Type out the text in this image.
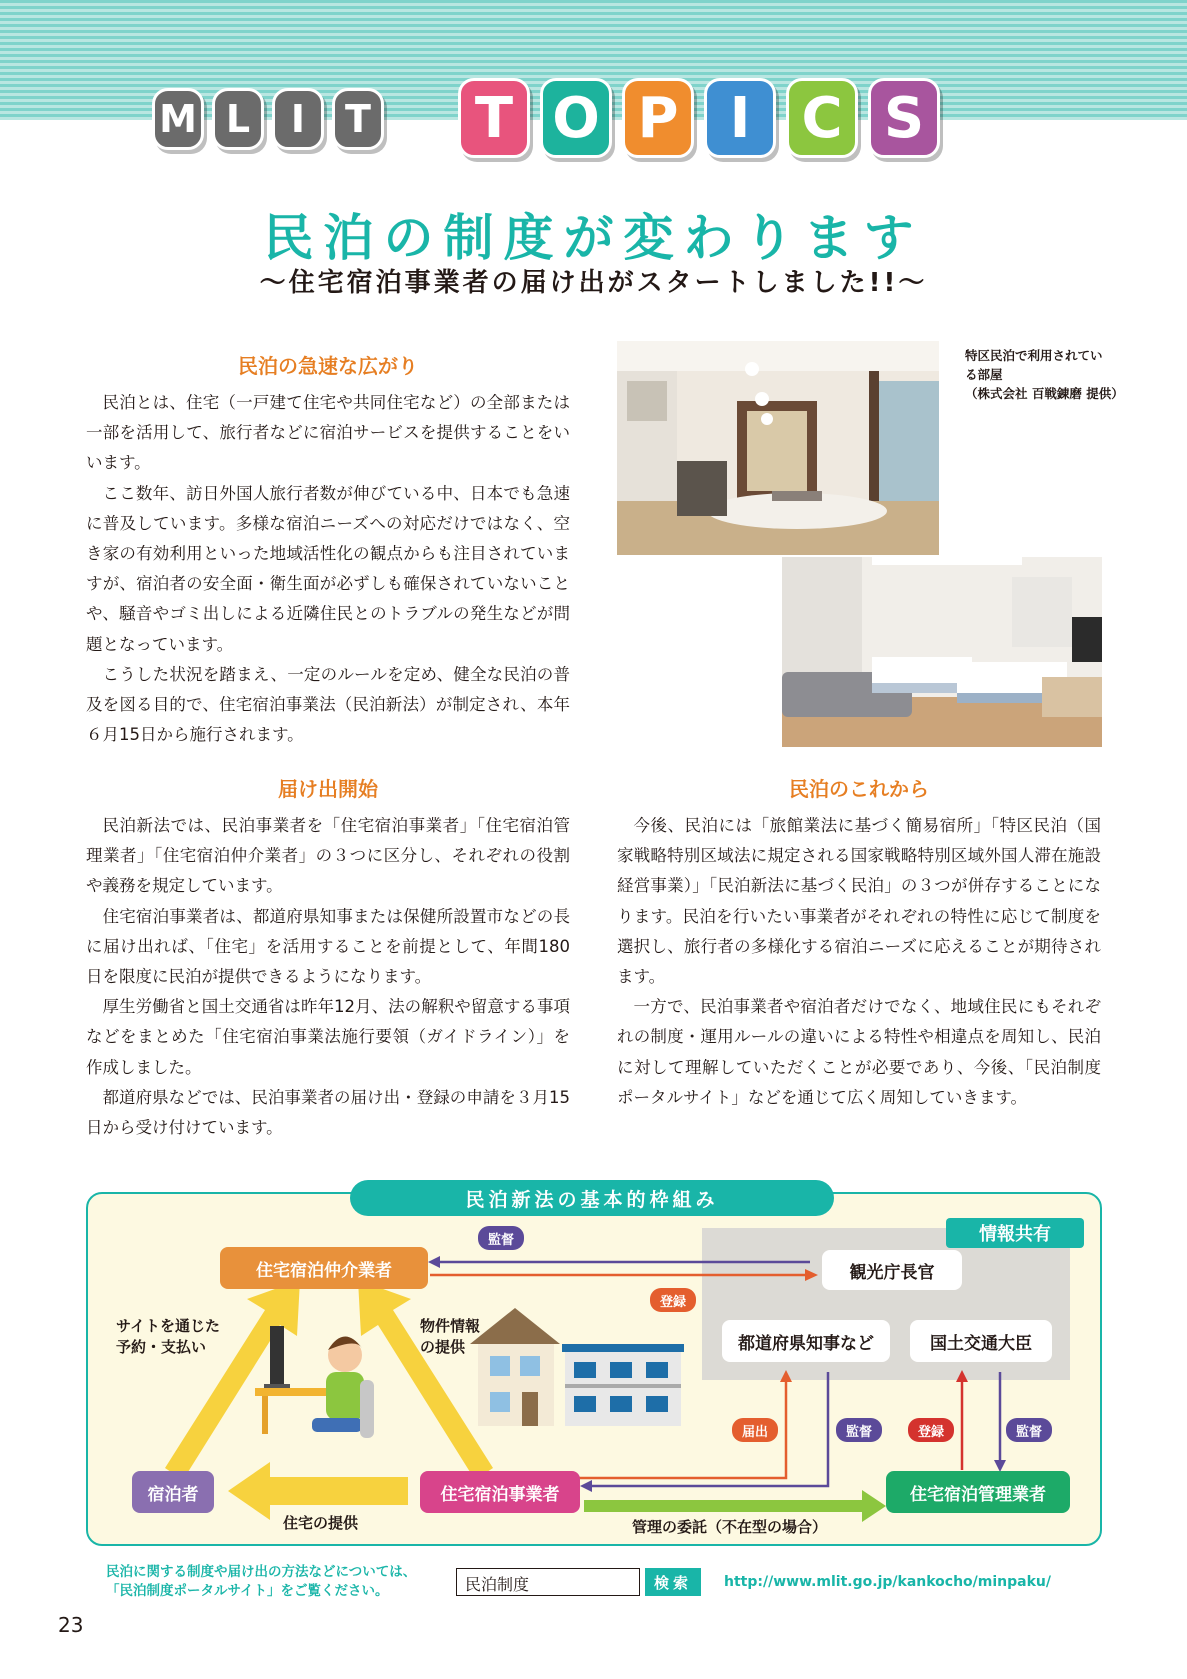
M L	I	T	T O P I C S
民泊の制度が変わります
〜住宅宿泊事業者の届け出がスタートしました!!〜
民泊の急速な広がり

民泊とは、住宅（一戸建て住宅や共同住宅など）の全部または一部を活用して、旅行者などに宿泊サービスを提供することをいいます。

ここ数年、訪日外国人旅行者数が伸びている中、日本でも急速に普及しています。多様な宿泊ニーズへの対応だけではなく、空き家の有効利用といった地域活性化の観点からも注目されていますが、宿泊者の安全面・衛生面が必ずしも確保されていないことや、騒音やゴミ出しによる近隣住民とのトラブルの発生などが問題となっています。

こうした状況を踏まえ、一定のルールを定め、健全な民泊の普及を図る目的で、住宅宿泊事業法（民泊新法）が制定され、本年６月15日から施行されます。

届け出開始

民泊新法では、民泊事業者を「住宅宿泊事業者」「住宅宿泊管理業者」「住宅宿泊仲介業者」の３つに区分し、それぞれの役割や義務を規定しています。

住宅宿泊事業者は、都道府県知事または保健所設置市などの長に届け出れば、「住宅」を活用することを前提として、年間180日を限度に民泊が提供できるようになります。

厚生労働省と国土交通省は昨年12月、法の解釈や留意する事項などをまとめた「住宅宿泊事業法施行要領（ガイドライン）」を作成しました。

都道府県などでは、民泊事業者の届け出・登録の申請を３月15日から受け付けています。

特区民泊で利用されてい
る部屋
（株式会社 百戦錬磨 提供）
民泊のこれから

今後、民泊には「旅館業法に基づく簡易宿所」「特区民泊（国家戦略特別区域法に規定される国家戦略特別区域外国人滞在施設経営事業）」「民泊新法に基づく民泊」の３つが併存することになります。民泊を行いたい事業者がそれぞれの特性に応じて制度を選択し、旅行者の多様化する宿泊ニーズに応えることが期待されます。

一方で、民泊事業者や宿泊者だけでなく、地域住民にもそれぞれの制度・運用ルールの違いによる特性や相違点を周知し、民泊に対して理解していただくことが必要であり、今後、「民泊制度ポータルサイト」などを通じて広く周知していきます。

民泊新法の基本的枠組み
情報共有
住宅宿泊仲介業者	観光庁長官
都道府県知事など	国土交通大臣
宿泊者	住宅宿泊事業者	住宅宿泊管理業者
監督
登録
届出	監督	登録	監督
サイトを通じた
予約・支払い
物件情報
の提供
住宅の提供	管理の委託（不在型の場合）
民泊に関する制度や届け出の方法などについては、
「民泊制度ポータルサイト」をご覧ください。	民泊制度	検索	http://www.mlit.go.jp/kankocho/minpaku/
23
